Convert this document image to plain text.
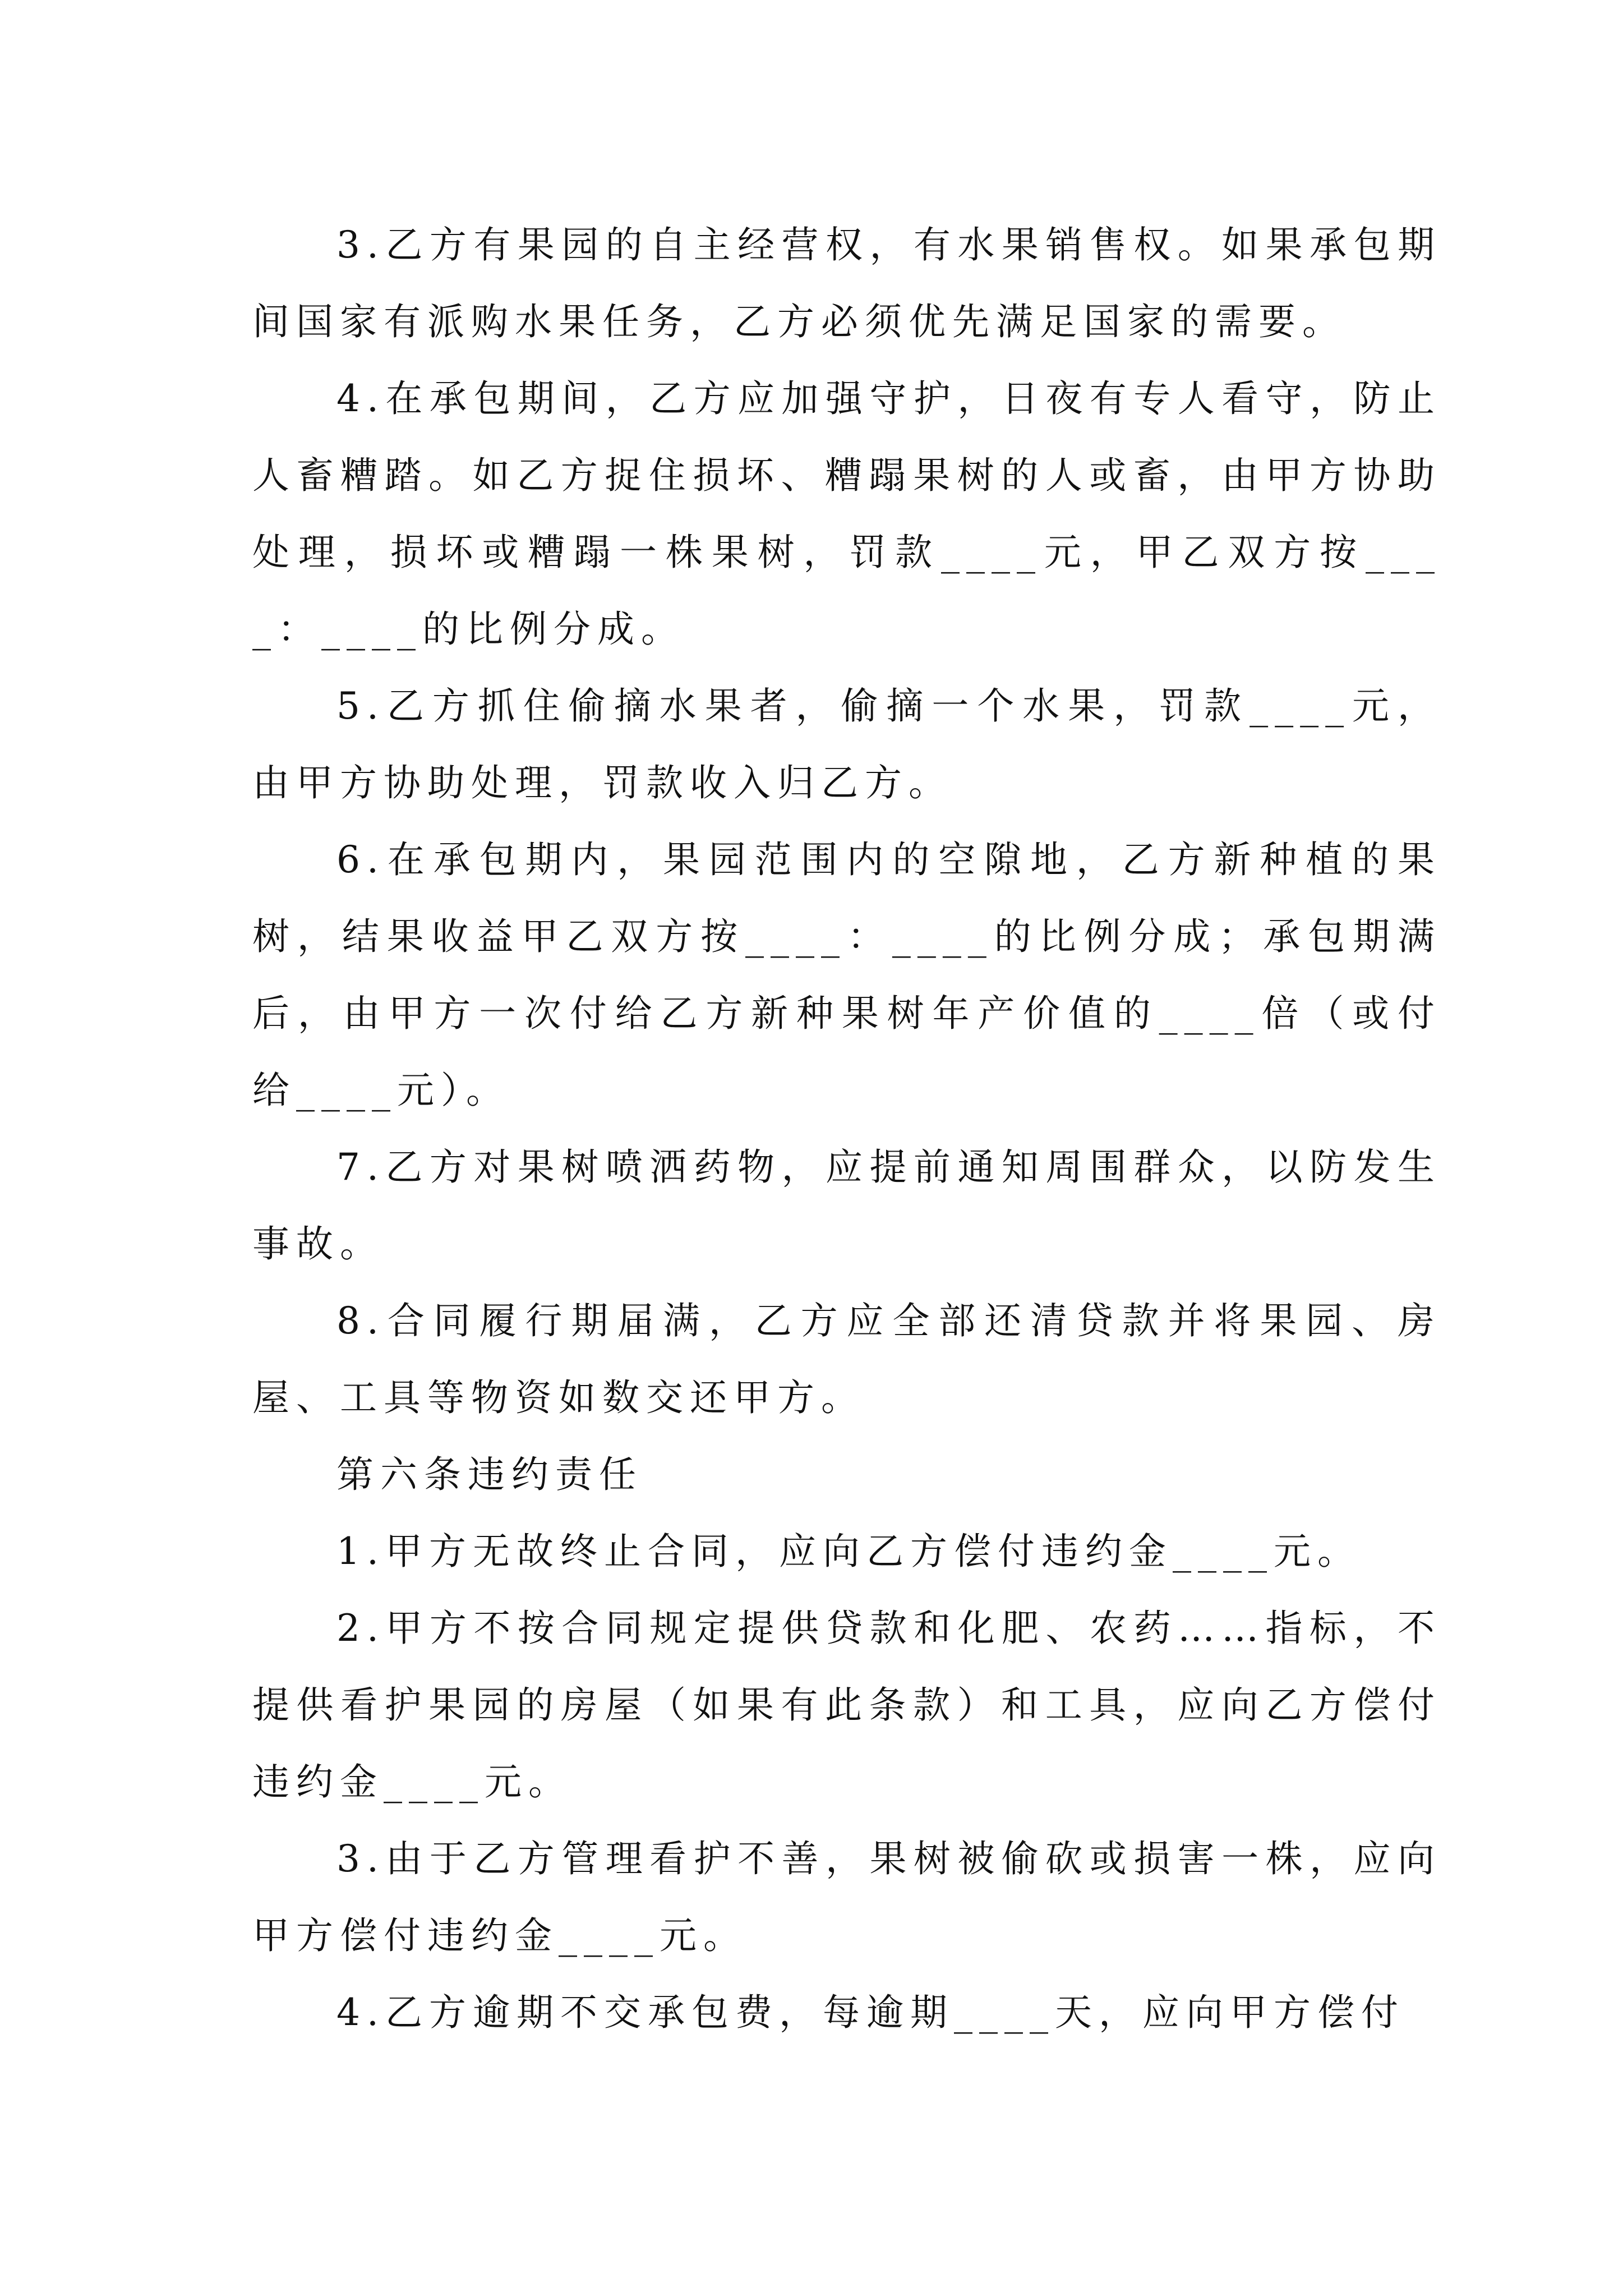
3.乙方有果园的自主经营权，有水果销售权。如果承包期间国家有派购水果任务，乙方必须优先满足国家的需要。

4.在承包期间，乙方应加强守护，日夜有专人看守，防止人畜糟踏。如乙方捉住损坏、糟蹋果树的人或畜，由甲方协助处理，损坏或糟蹋一株果树，罚款____元，甲乙双方按____：____的比例分成。

5.乙方抓住偷摘水果者，偷摘一个水果，罚款____元，由甲方协助处理，罚款收入归乙方。

6.在承包期内，果园范围内的空隙地，乙方新种植的果树，结果收益甲乙双方按____：____的比例分成；承包期满后，由甲方一次付给乙方新种果树年产价值的____倍（或付给____元）。

7.乙方对果树喷洒药物，应提前通知周围群众，以防发生事故。

8.合同履行期届满，乙方应全部还清贷款并将果园、房屋、工具等物资如数交还甲方。

第六条违约责任

1.甲方无故终止合同，应向乙方偿付违约金____元。

2.甲方不按合同规定提供贷款和化肥、农药……指标，不提供看护果园的房屋（如果有此条款）和工具，应向乙方偿付违约金____元。

3.由于乙方管理看护不善，果树被偷砍或损害一株，应向甲方偿付违约金____元。

4.乙方逾期不交承包费，每逾期____天，应向甲方偿付
